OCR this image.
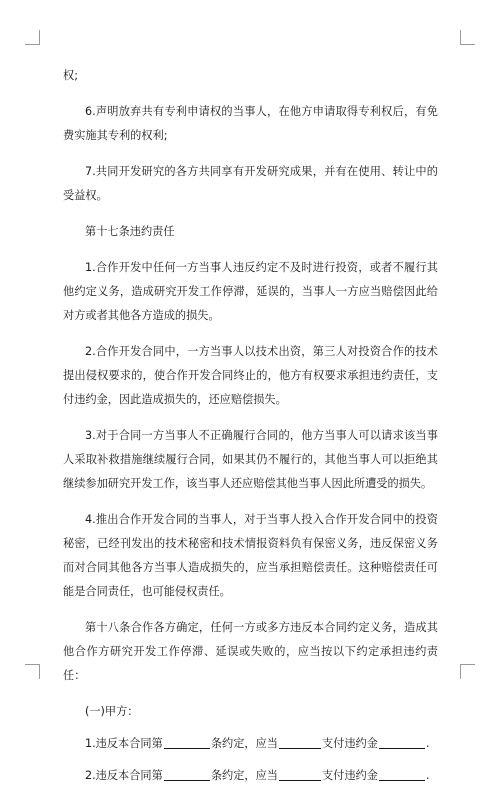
权;

6.声明放弃共有专利申请权的当事人，在他方申请取得专利权后，有免费实施其专利的权利;

7.共同开发研究的各方共同享有开发研究成果，并有在使用、转让中的受益权。

第十七条违约责任

1.合作开发中任何一方当事人违反约定不及时进行投资，或者不履行其他约定义务，造成研究开发工作停滞，延误的，当事人一方应当赔偿因此给对方或者其他各方造成的损失。

2.合作开发合同中，一方当事人以技术出资，第三人对投资合作的技术提出侵权要求的，使合作开发合同终止的，他方有权要求承担违约责任，支付违约金，因此造成损失的，还应赔偿损失。

3.对于合同一方当事人不正确履行合同的，他方当事人可以请求该当事人采取补救措施继续履行合同，如果其仍不履行的，其他当事人可以拒绝其继续参加研究开发工作，该当事人还应赔偿其他当事人因此所遭受的损失。

4.推出合作开发合同的当事人，对于当事人投入合作开发合同中的投资秘密，已经刊发出的技术秘密和技术情报资料负有保密义务，违反保密义务而对合同其他各方当事人造成损失的，应当承担赔偿责任。这种赔偿责任可能是合同责任，也可能侵权责任。

第十八条合作各方确定，任何一方或多方违反本合同约定义务，造成其他合作方研究开发工作停滞、延误或失败的，应当按以下约定承担违约责任：

(一)甲方：

1.违反本合同第	条约定，应当	支付违约金	.

2.违反本合同第	条约定，应当	支付违约金	.
